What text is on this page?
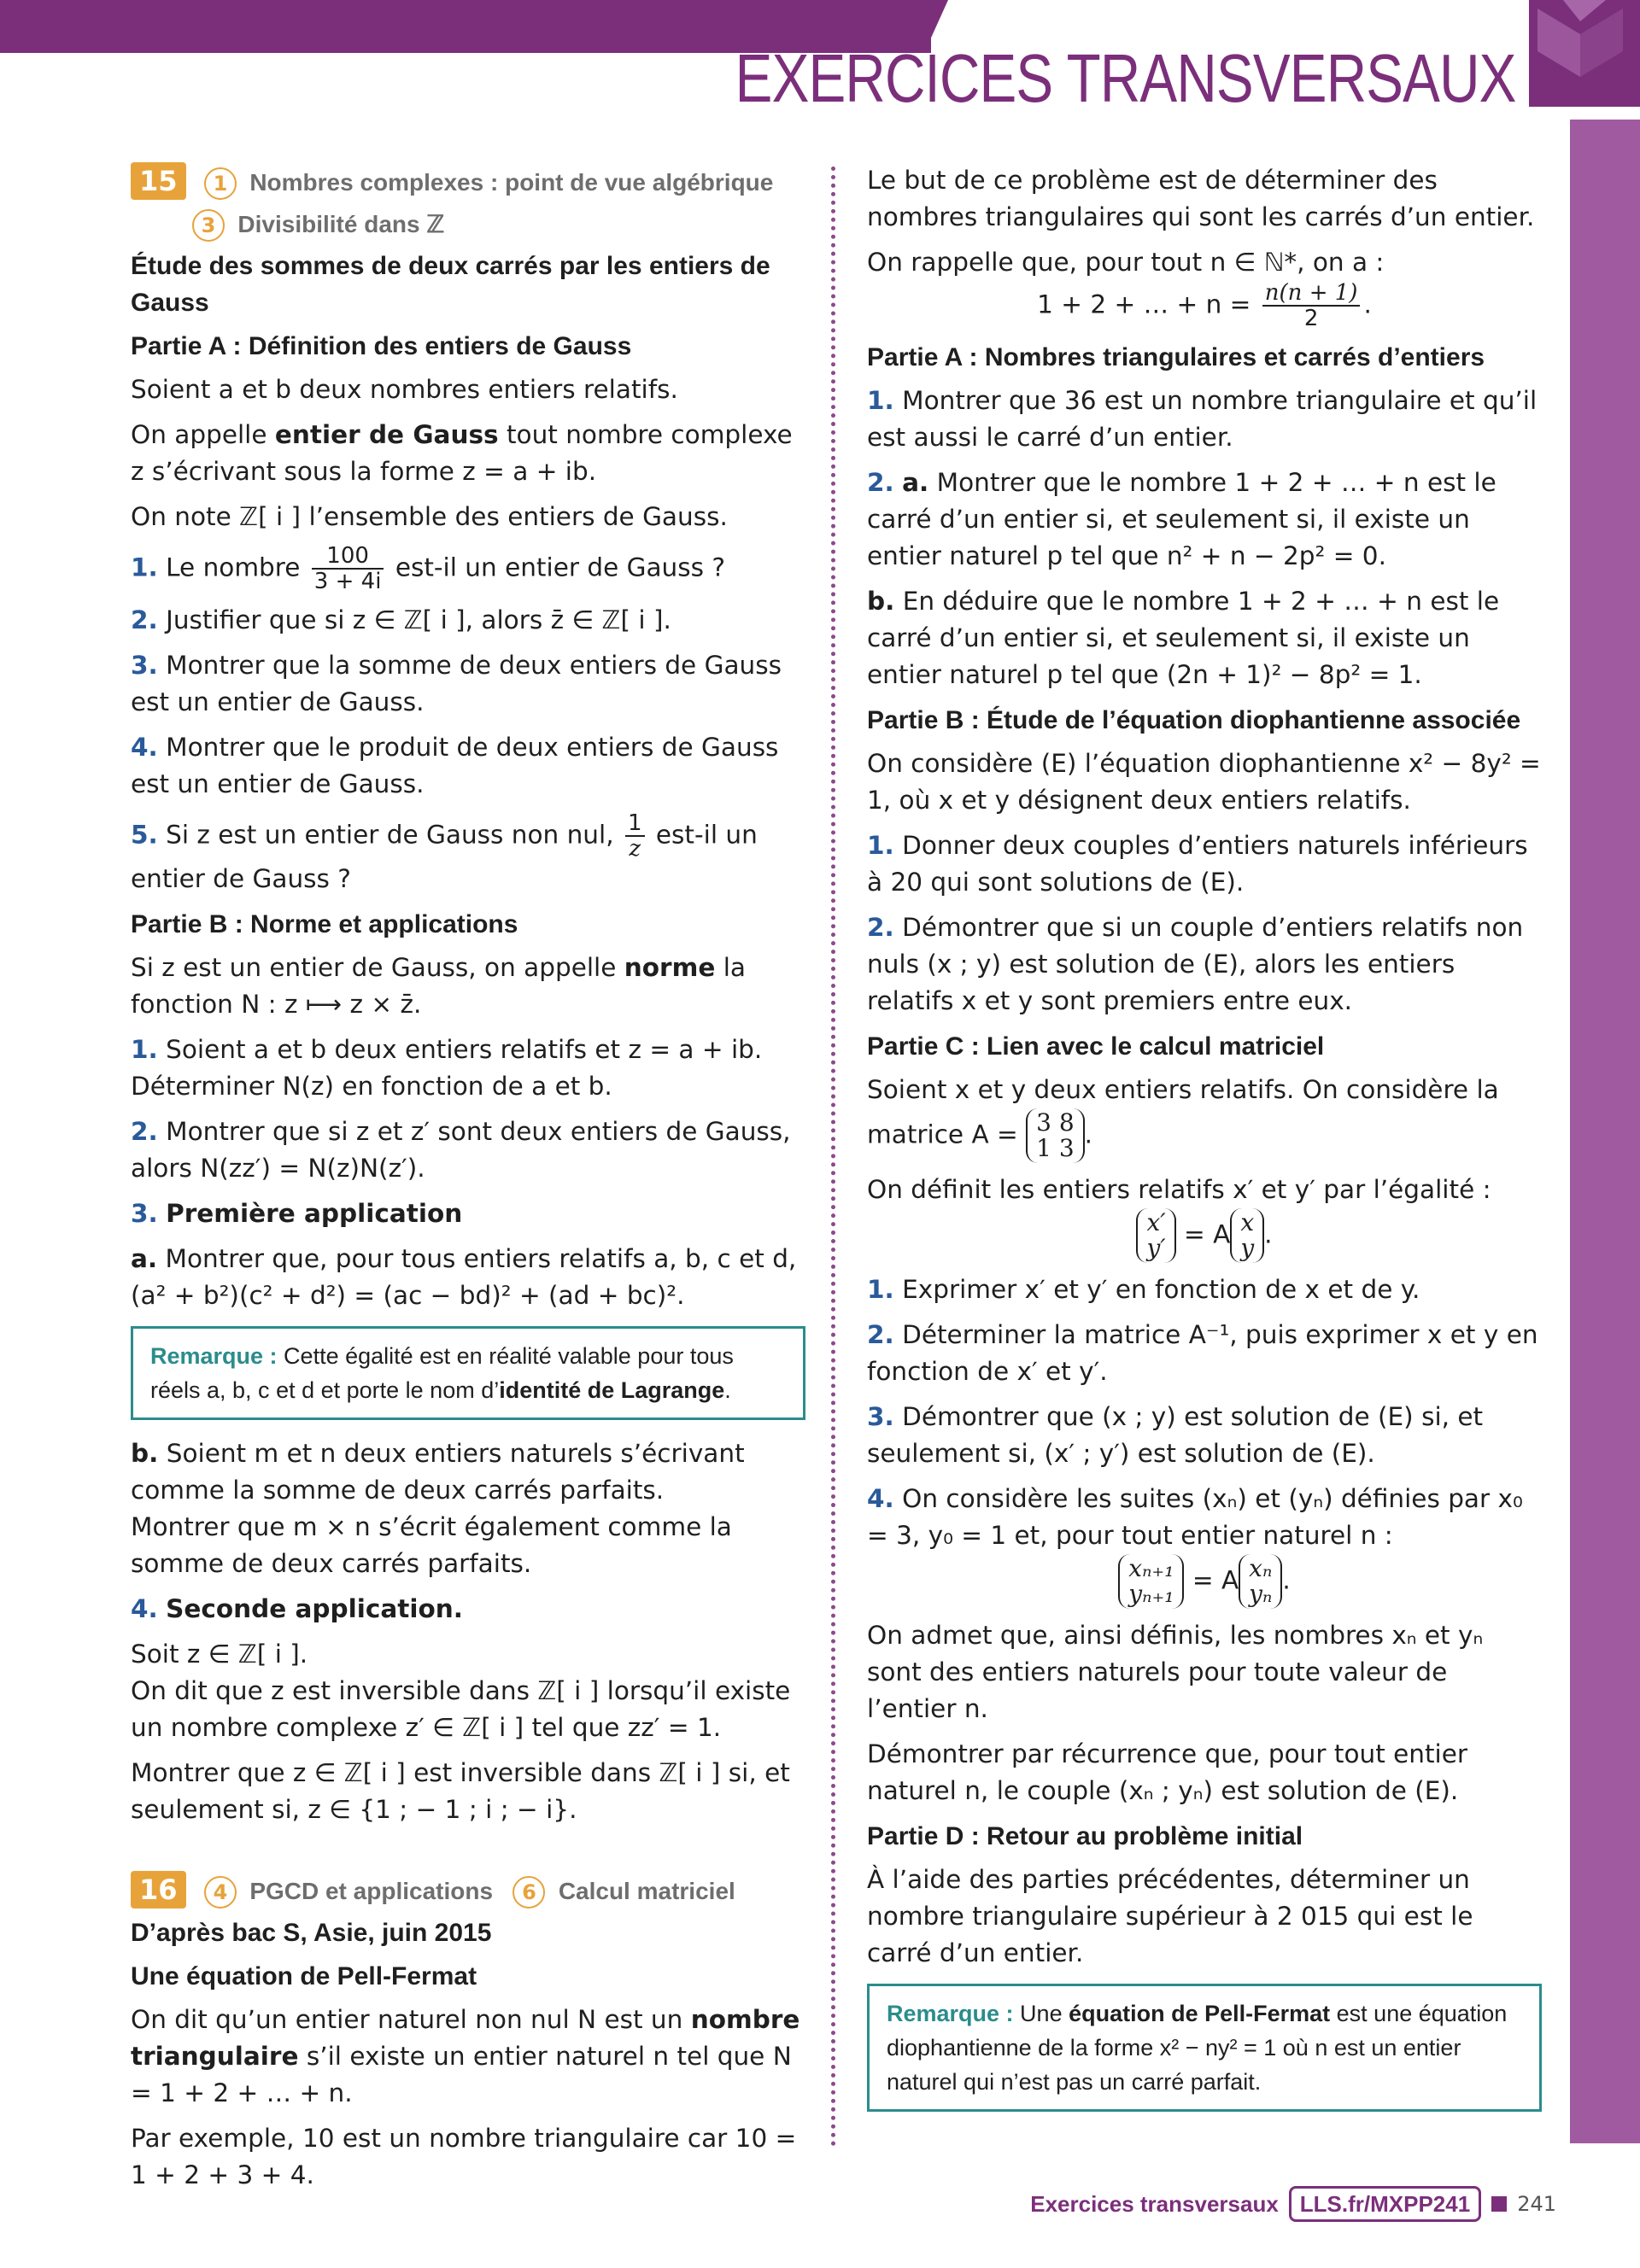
EXERCICES TRANSVERSAUX
15 1 Nombres complexes : point de vue algébrique
3 Divisibilité dans ℤ
Étude des sommes de deux carrés par les entiers de Gauss
Partie A : Définition des entiers de Gauss

Soient a et b deux nombres entiers relatifs.

On appelle entier de Gauss tout nombre complexe z s’écrivant sous la forme z = a + ib.

On note ℤ[ i ] l’ensemble des entiers de Gauss.

1. Le nombre $\frac{100}{3 + 4i} est-il$ un entier de Gauss ?

2. Justifier que si z ∈ ℤ[ i ], alors z̄ ∈ ℤ[ i ].

3. Montrer que la somme de deux entiers de Gauss est un entier de Gauss.

4. Montrer que le produit de deux entiers de Gauss est un entier de Gauss.

5. Si z est un entier de Gauss non nul, $\frac{1}{z} est-il$ un entier de Gauss ?

Partie B : Norme et applications

Si z est un entier de Gauss, on appelle norme la fonction N : z ⟼ z × z̄.

1. Soient a et b deux entiers relatifs et z = a + ib. Déterminer N(z) en fonction de a et b.

2. Montrer que si z et z′ sont deux entiers de Gauss, alors N(zz′) = N(z)N(z′).

3. Première application

a. Montrer que, pour tous entiers relatifs a, b, c et d, (a² + b²)(c² + d²) = (ac − bd)² + (ad + bc)².

Remarque : Cette égalité est en réalité valable pour tous réels a, b, c et d et porte le nom d’identité de Lagrange.

b. Soient m et n deux entiers naturels s’écrivant comme la somme de deux carrés parfaits.
Montrer que m × n s’écrit également comme la somme de deux carrés parfaits.

4. Seconde application.

Soit z ∈ ℤ[ i ].
On dit que z est inversible dans ℤ[ i ] lorsqu’il existe un nombre complexe z′ ∈ ℤ[ i ] tel que zz′ = 1.

Montrer que z ∈ ℤ[ i ] est inversible dans ℤ[ i ] si, et seulement si, z ∈ {1 ; − 1 ; i ; − i}.

16 4 PGCD et applications 6 Calcul matriciel
D’après bac S, Asie, juin 2015
Une équation de Pell-Fermat

On dit qu’un entier naturel non nul N est un nombre triangulaire s’il existe un entier naturel n tel que N = 1 + 2 + … + n.

Par exemple, 10 est un nombre triangulaire car 10 = 1 + 2 + 3 + 4.

Le but de ce problème est de déterminer des nombres triangulaires qui sont les carrés d’un entier.

On rappelle que, pour tout n ∈ ℕ*, on a :

1 + 2 + … + $n = \frac{n(n + 1)}{2}$ .

Partie A : Nombres triangulaires et carrés d’entiers

1. Montrer que 36 est un nombre triangulaire et qu’il est aussi le carré d’un entier.

2. a. Montrer que le nombre 1 + 2 + … + n est le carré d’un entier si, et seulement si, il existe un entier naturel p tel que n² + n − 2p² = 0.

b. En déduire que le nombre 1 + 2 + … + n est le carré d’un entier si, et seulement si, il existe un entier naturel p tel que (2n + 1)² − 8p² = 1.

Partie B : Étude de l’équation diophantienne associée

On considère (E) l’équation diophantienne x² − 8y² = 1, où x et y désignent deux entiers relatifs.

1. Donner deux couples d’entiers naturels inférieurs à 20 qui sont solutions de (E).

2. Démontrer que si un couple d’entiers relatifs non nuls (x ; y) est solution de (E), alors les entiers relatifs x et y sont premiers entre eux.

Partie C : Lien avec le calcul matriciel

Soient x et y deux entiers relatifs. On considère la

matrice A = 3 8
1 3 .

On définit les entiers relatifs x′ et y′ par l’égalité :

x′
y′ = A x
y .

1. Exprimer x′ et y′ en fonction de x et de y.

2. Déterminer la matrice A⁻¹, puis exprimer x et y en fonction de x′ et y′.

3. Démontrer que (x ; y) est solution de (E) si, et seulement si, (x′ ; y′) est solution de (E).

4. On considère les suites (xₙ) et (yₙ) définies par x₀ = 3, y₀ = 1 et, pour tout entier naturel n :

xₙ₊₁
yₙ₊₁ = A xₙ
yₙ .

On admet que, ainsi définis, les nombres xₙ et yₙ sont des entiers naturels pour toute valeur de l’entier n.

Démontrer par récurrence que, pour tout entier naturel n, le couple (xₙ ; yₙ) est solution de (E).

Partie D : Retour au problème initial

À l’aide des parties précédentes, déterminer un nombre triangulaire supérieur à 2 015 qui est le carré d’un entier.

Remarque : Une équation de Pell-Fermat est une équation diophantienne de la forme x² − ny² = 1 où n est un entier naturel qui n’est pas un carré parfait.
Exercices transversaux LLS.fr/MXPP241	241
